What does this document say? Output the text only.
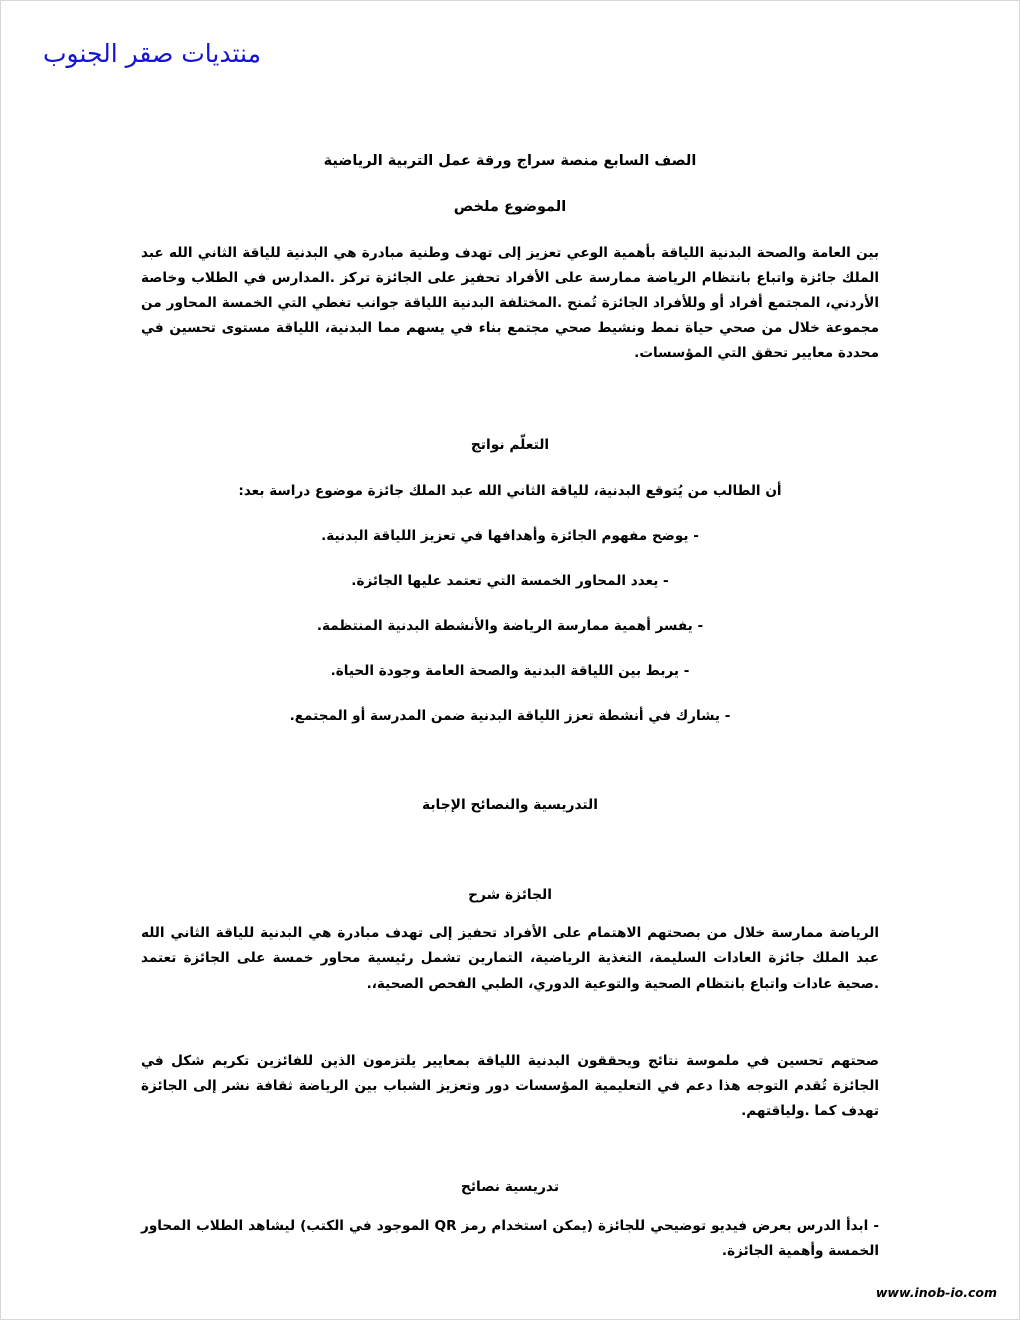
منتديات صقر الجنوب
الصف السابع منصة سراج ورقة عمل التربية الرياضية
الموضوع ملخص

بين العامة والصحة البدنية اللياقة بأهمية الوعي تعزيز إلى تهدف وطنية مبادرة هي البدنية للياقة الثاني الله عبد الملك جائزة واتباع بانتظام الرياضة ممارسة على الأفراد تحفيز على الجائزة تركز .المدارس في الطلاب وخاصة الأردني، المجتمع أفراد أو وللأفراد الجائزة تُمنح .المختلفة البدنية اللياقة جوانب تغطي التي الخمسة المحاور من مجموعة خلال من صحي حياة نمط ونشيط صحي مجتمع بناء في يسهم مما البدنية، اللياقة مستوى تحسين في محددة معايير تحقق التي المؤسسات.

التعلّم نواتج

أن الطالب من يُتوقع البدنية، للياقة الثاني الله عبد الملك جائزة موضوع دراسة بعد:

- يوضح مفهوم الجائزة وأهدافها في تعزيز اللياقة البدنية.

- يعدد المحاور الخمسة التي تعتمد عليها الجائزة.

- يفسر أهمية ممارسة الرياضة والأنشطة البدنية المنتظمة.

- يربط بين اللياقة البدنية والصحة العامة وجودة الحياة.

- يشارك في أنشطة تعزز اللياقة البدنية ضمن المدرسة أو المجتمع.

التدريسية والنصائح الإجابة
الجائزة شرح

الرياضة ممارسة خلال من بصحتهم الاهتمام على الأفراد تحفيز إلى تهدف مبادرة هي البدنية للياقة الثاني الله عبد الملك جائزة العادات السليمة، التغذية الرياضية، التمارين تشمل رئيسية محاور خمسة على الجائزة تعتمد .صحية عادات واتباع بانتظام الصحية والتوعية الدوري، الطبي الفحص الصحية،.

صحتهم تحسين في ملموسة نتائج ويحققون البدنية اللياقة بمعايير يلتزمون الذين للفائزين تكريم شكل في الجائزة تُقدم التوجه هذا دعم في التعليمية المؤسسات دور وتعزيز الشباب بين الرياضة ثقافة نشر إلى الجائزة تهدف كما .ولياقتهم.

تدريسية نصائح

- ابدأ الدرس بعرض فيديو توضيحي للجائزة (يمكن استخدام رمز QR الموجود في الكتب) ليشاهد الطلاب المحاور الخمسة وأهمية الجائزة.

www.inob-io.com
